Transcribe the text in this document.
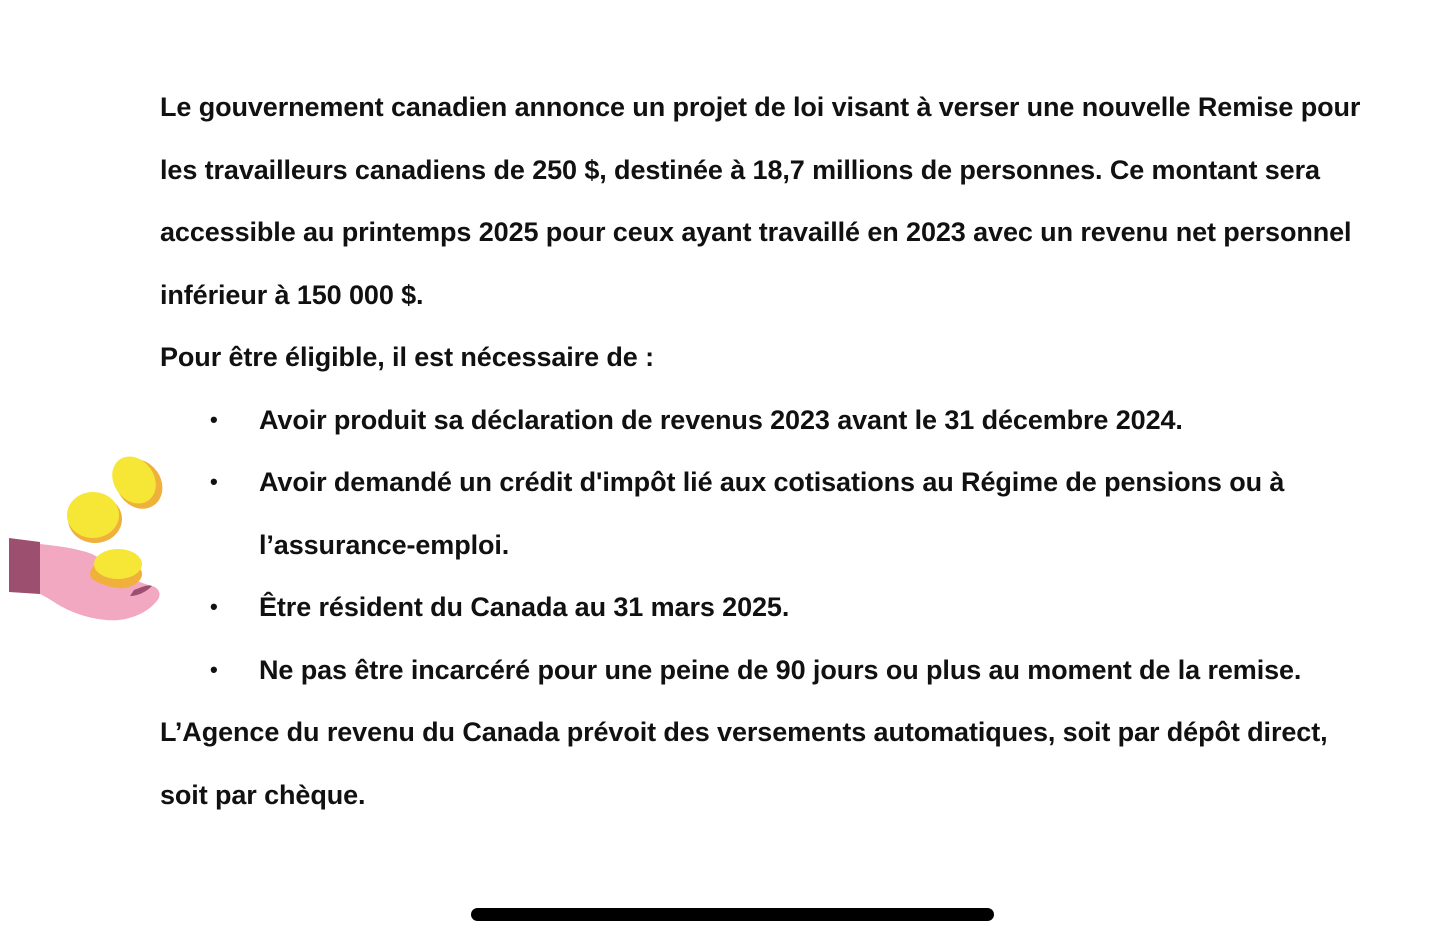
Le gouvernement canadien annonce un projet de loi visant à verser une nouvelle Remise pour les travailleurs canadiens de 250 $, destinée à 18,7 millions de personnes. Ce montant sera accessible au printemps 2025 pour ceux ayant travaillé en 2023 avec un revenu net personnel inférieur à 150 000 $.

Pour être éligible, il est nécessaire de :

•	Avoir produit sa déclaration de revenus 2023 avant le 31 décembre 2024.
•	Avoir demandé un crédit d'impôt lié aux cotisations au Régime de pensions ou à l’assurance-emploi.
•	Être résident du Canada au 31 mars 2025.
•	Ne pas être incarcéré pour une peine de 90 jours ou plus au moment de la remise.

L’Agence du revenu du Canada prévoit des versements automatiques, soit par dépôt direct, soit par chèque.
